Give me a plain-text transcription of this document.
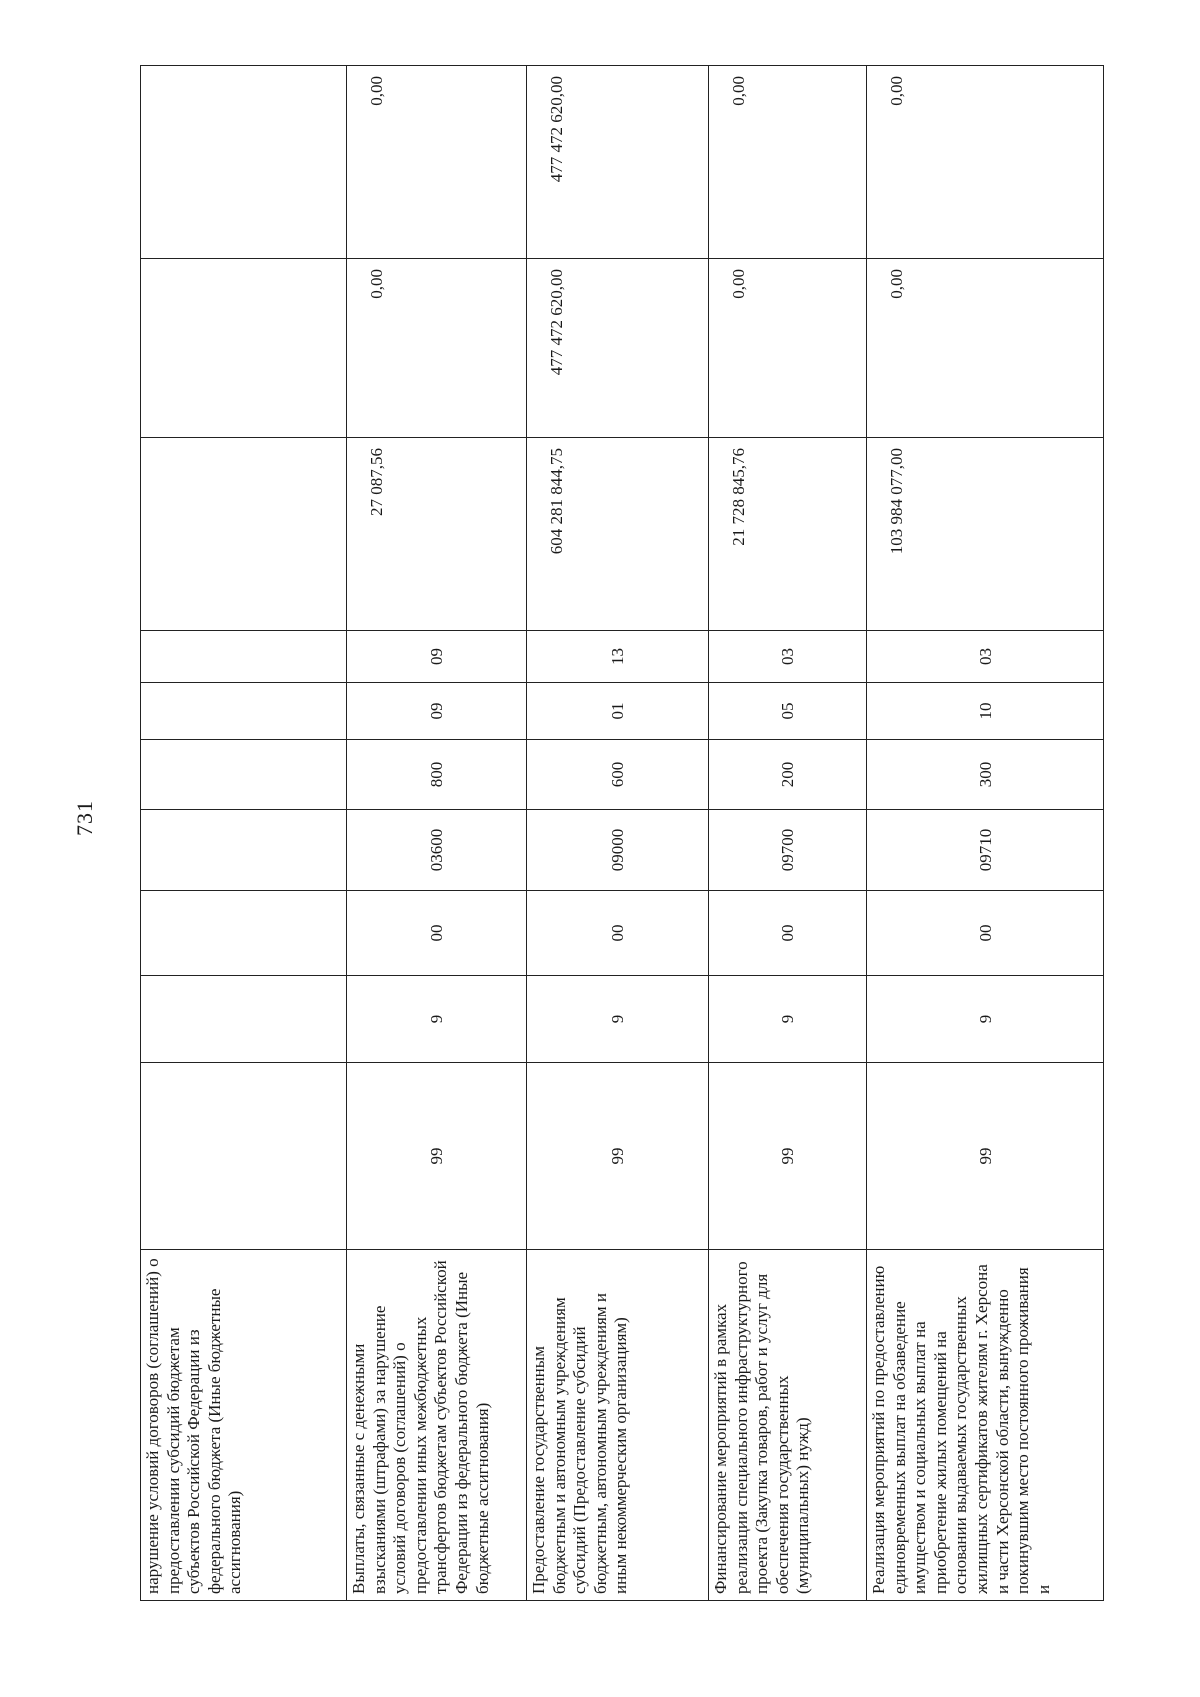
731
нарушение условий договоров (соглашений) о предоставлении субсидий бюджетам субъектов Российской Федерации из федерального бюджета (Иные бюджетные ассигнования)										

Выплаты, связанные с денежными взысканиями (штрафами) за нарушение условий договоров (соглашений) о предоставлении иных межбюджетных трансфертов бюджетам субъектов Российской Федерации из федерального бюджета (Иные бюджетные ассигнования)	99	9	00	03600	800	09	09	27 087,56	0,00	0,00

Предоставление государственным бюджетным и автономным учреждениям субсидий (Предоставление субсидий бюджетным, автономным учреждениям и иным некоммерческим организациям)	99	9	00	09000	600	01	13	604 281 844,75	477 472 620,00	477 472 620,00

Финансирование мероприятий в рамках реализации специального инфраструктурного проекта (Закупка товаров, работ и услуг для обеспечения государственных (муниципальных) нужд)	99	9	00	09700	200	05	03	21 728 845,76	0,00	0,00

Реализация мероприятий по предоставлению единовременных выплат на обзаведение имуществом и социальных выплат на приобретение жилых помещений на основании выдаваемых государственных жилищных сертификатов жителям г. Херсона и части Херсонской области, вынужденно покинувшим место постоянного проживания и	99	9	00	09710	300	10	03	103 984 077,00	0,00	0,00
